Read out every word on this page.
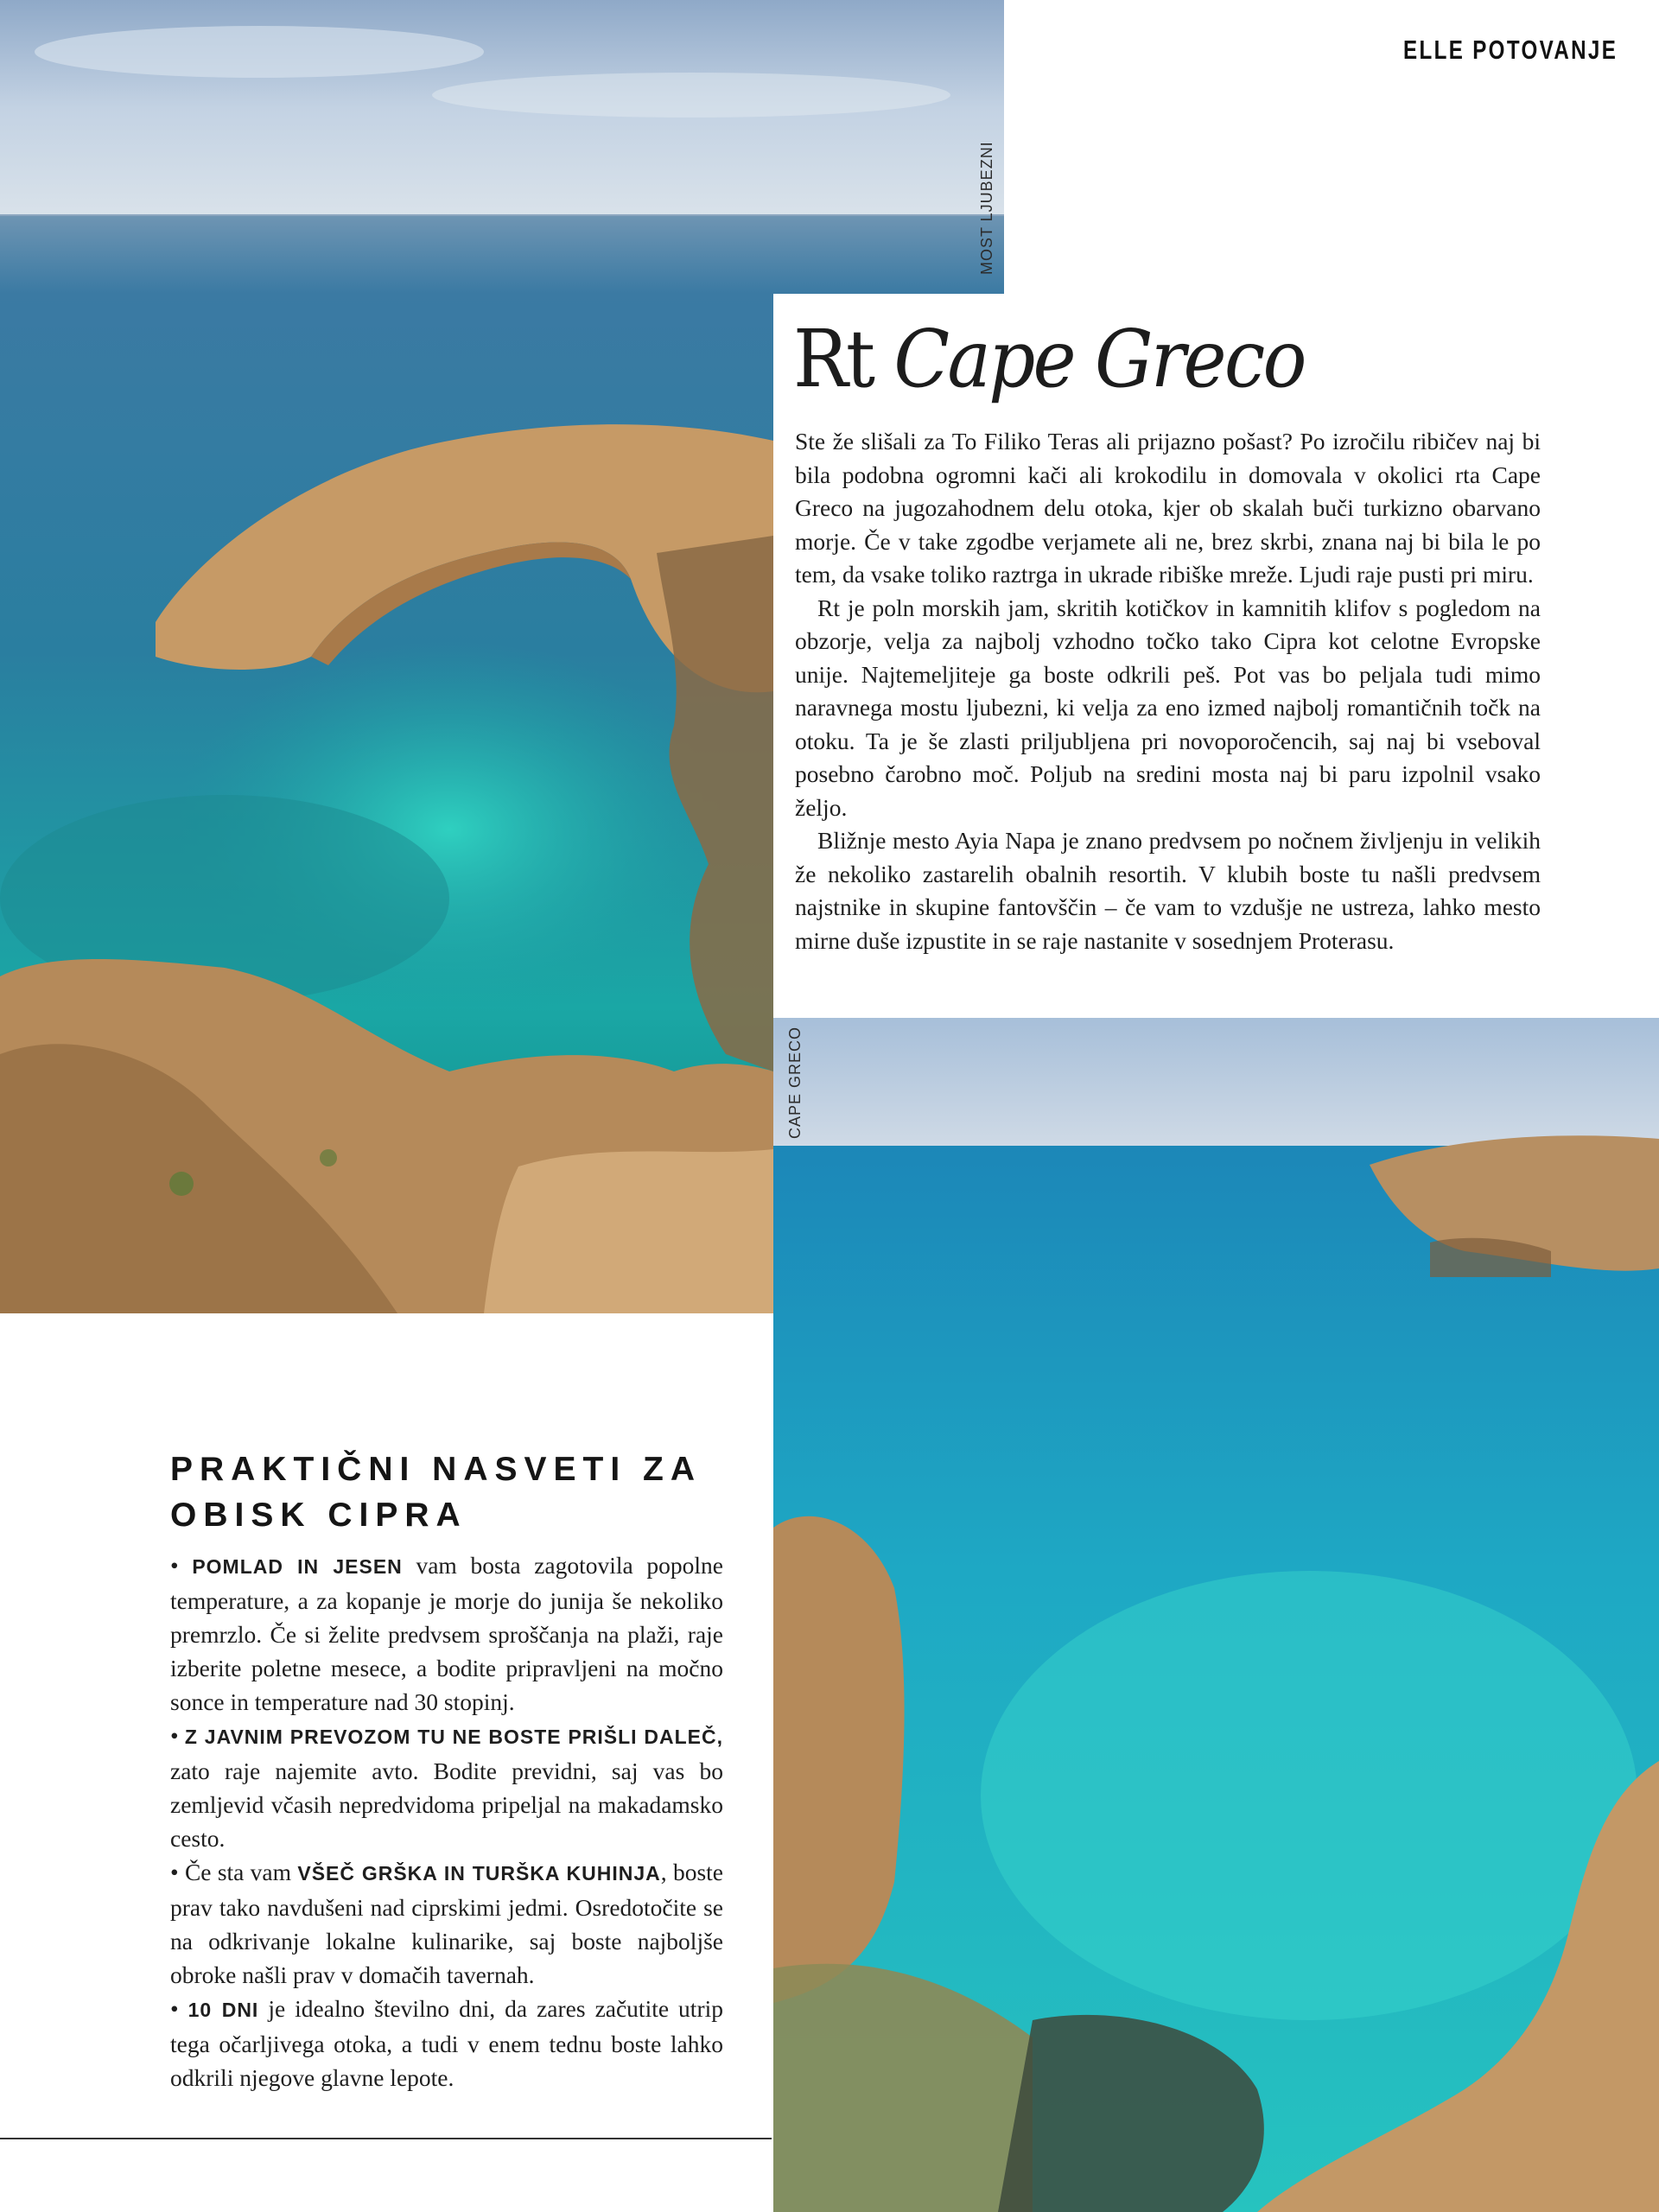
ELLE POTOVANJE
MOST LJUBEZNI
CAPE GRECO
Rt Cape Greco

Ste že slišali za To Filiko Teras ali prijazno pošast? Po izročilu ribičev naj bi bila podobna ogromni kači ali krokodilu in domovala v okolici rta Cape Greco na jugozahodnem delu otoka, kjer ob skalah buči turkizno obarvano morje. Če v take zgodbe verjamete ali ne, brez skrbi, znana naj bi bila le po tem, da vsake toliko raztrga in ukrade ribiške mreže. Ljudi raje pusti pri miru.

Rt je poln morskih jam, skritih kotičkov in kamnitih klifov s pogledom na obzorje, velja za najbolj vzhodno točko tako Cipra kot celotne Evropske unije. Najtemeljiteje ga boste odkrili peš. Pot vas bo peljala tudi mimo naravnega mostu ljubezni, ki velja za eno izmed najbolj romantičnih točk na otoku. Ta je še zlasti priljubljena pri novoporočencih, saj naj bi vseboval posebno čarobno moč. Poljub na sredini mosta naj bi paru izpolnil vsako željo.

Bližnje mesto Ayia Napa je znano predvsem po nočnem življenju in velikih že nekoliko zastarelih obalnih resortih. V klubih boste tu našli predvsem najstnike in skupine fantovščin – če vam to vzdušje ne ustreza, lahko mesto mirne duše izpustite in se raje nastanite v sosednjem Proterasu.

PRAKTIČNI NASVETI ZA OBISK CIPRA

• POMLAD IN JESEN vam bosta zagotovila popolne temperature, a za kopanje je morje do junija še nekoliko premrzlo. Če si želite predvsem sproščanja na plaži, raje izberite poletne mesece, a bodite pripravljeni na močno sonce in temperature nad 30 stopinj.

• Z JAVNIM PREVOZOM TU NE BOSTE PRIŠLI DALEČ, zato raje najemite avto. Bodite previdni, saj vas bo zemljevid včasih nepredvidoma pripeljal na makadamsko cesto.

• Če sta vam VŠEČ GRŠKA IN TURŠKA KUHINJA, boste prav tako navdušeni nad ciprskimi jedmi. Osredotočite se na odkrivanje lokalne kulinarike, saj boste najboljše obroke našli prav v domačih tavernah.

• 10 DNI je idealno številno dni, da zares začutite utrip tega očarljivega otoka, a tudi v enem tednu boste lahko odkrili njegove glavne lepote.
